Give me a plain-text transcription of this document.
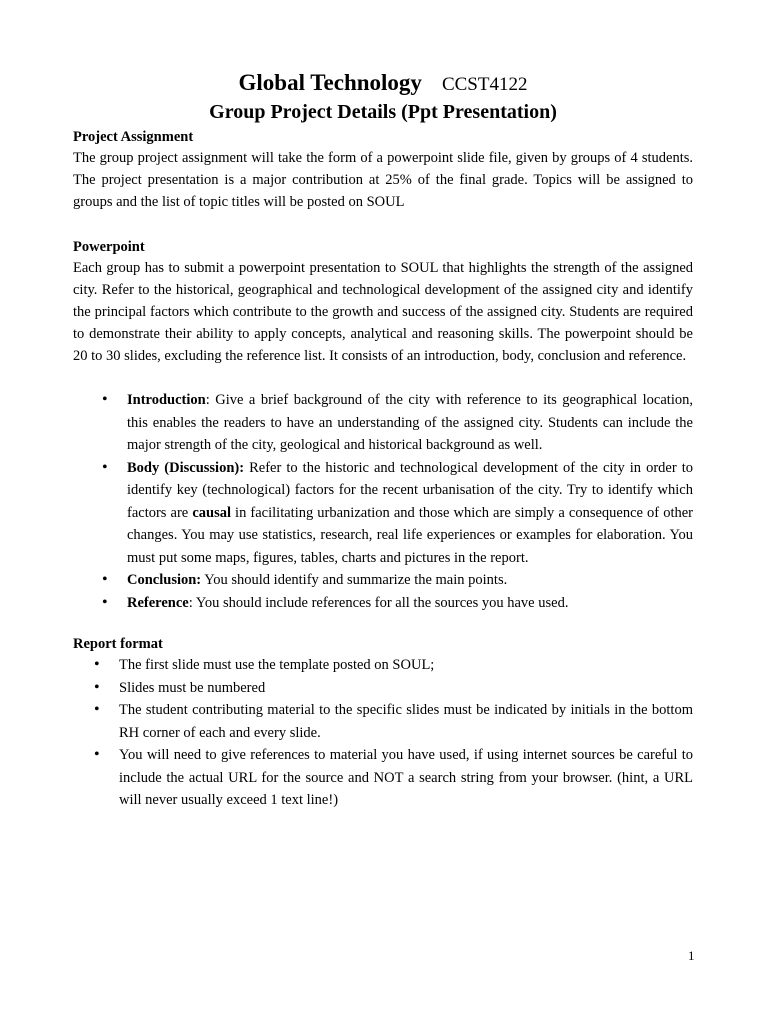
Global Technology CCST4122
Group Project Details (Ppt Presentation)
Project Assignment

The group project assignment will take the form of a powerpoint slide file, given by groups of 4 students. The project presentation is a major contribution at 25% of the final grade. Topics will be assigned to groups and the list of topic titles will be posted on SOUL

Powerpoint

Each group has to submit a powerpoint presentation to SOUL that highlights the strength of the assigned city. Refer to the historical, geographical and technological development of the assigned city and identify the principal factors which contribute to the growth and success of the assigned city. Students are required to demonstrate their ability to apply concepts, analytical and reasoning skills. The powerpoint should be 20 to 30 slides, excluding the reference list. It consists of an introduction, body, conclusion and reference.

• Introduction: Give a brief background of the city with reference to its geographical location, this enables the readers to have an understanding of the assigned city. Students can include the major strength of the city, geological and historical background as well.
• Body (Discussion): Refer to the historic and technological development of the city in order to identify key (technological) factors for the recent urbanisation of the city. Try to identify which factors are causal in facilitating urbanization and those which are simply a consequence of other changes. You may use statistics, research, real life experiences or examples for elaboration. You must put some maps, figures, tables, charts and pictures in the report.
• Conclusion: You should identify and summarize the main points.
• Reference: You should include references for all the sources you have used.
Report format
• The first slide must use the template posted on SOUL;
• Slides must be numbered
• The student contributing material to the specific slides must be indicated by initials in the bottom RH corner of each and every slide.
• You will need to give references to material you have used, if using internet sources be careful to include the actual URL for the source and NOT a search string from your browser. (hint, a URL will never usually exceed 1 text line!)
1
